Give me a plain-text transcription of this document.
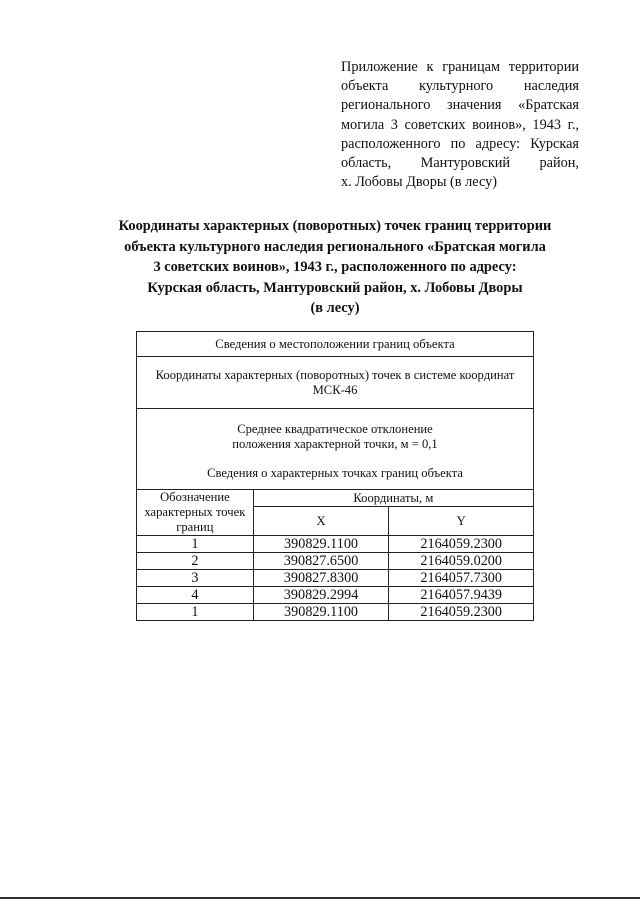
Приложение к границам территории
объекта культурного наследия
регионального значения «Братская
могила 3 советских воинов», 1943 г.,
расположенного по адресу: Курская
область, Мантуровский район,
х. Лобовы Дворы (в лесу)
Координаты характерных (поворотных) точек границ территории
объекта культурного наследия регионального «Братская могила
3 советских воинов», 1943 г., расположенного по адресу:
Курская область, Мантуровский район, х. Лобовы Дворы
(в лесу)
Сведения о местоположении границ объекта		

Координаты характерных (поворотных) точек в системе координат МСК-46		

Среднее квадратическое отклонение
положения характерной точки, м = 0,1
Сведения о характерных точках границ объекта		

Обозначение характерных точек границ	Координаты, м	
	X	Y
1	390829.1100	2164059.2300
2	390827.6500	2164059.0200
3	390827.8300	2164057.7300
4	390829.2994	2164057.9439
1	390829.1100	2164059.2300
